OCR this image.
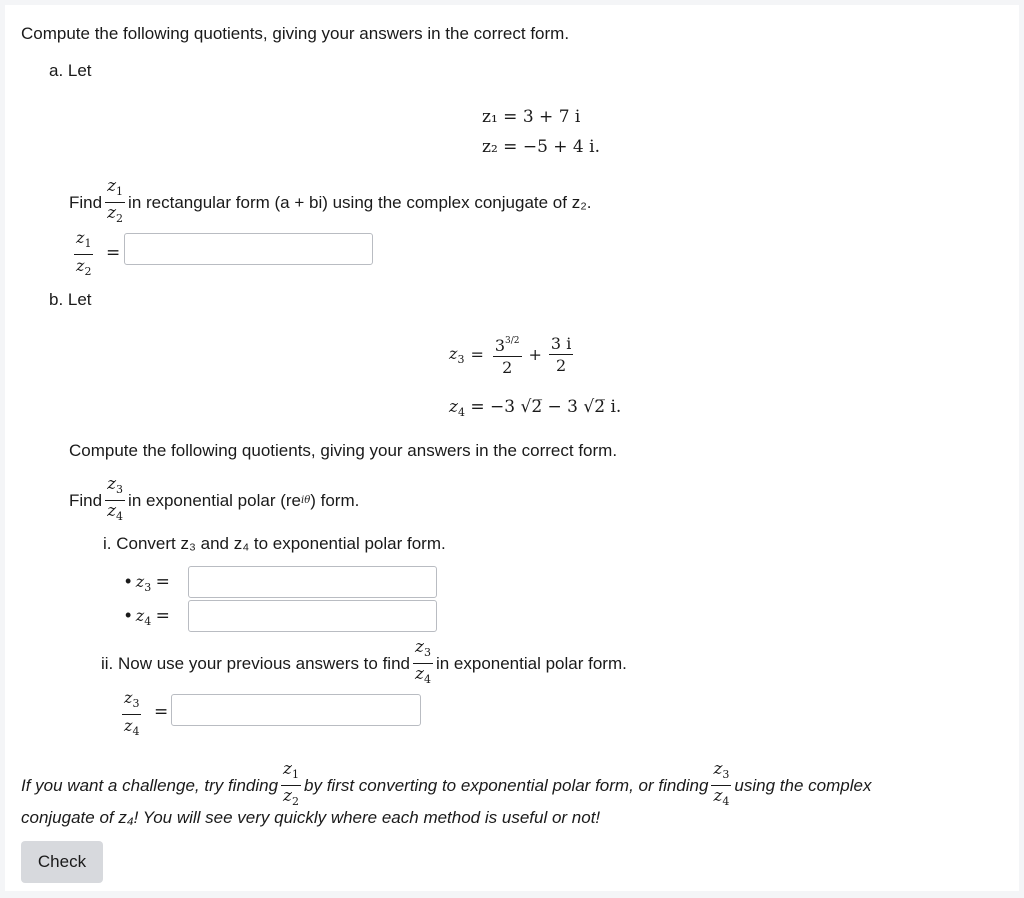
Compute the following quotients, giving your answers in the correct form.
a. Let
z₁ = 3 + 7 i
z₂ = −5 + 4 i.
Find $\frac{z_1}{z_2}$ in rectangular form (a + bi) using the complex conjugate of z₂.
$\frac{z_1}{z_2}$ =
b. Let
$z_3 = \frac{3^{3/2}}{2} + \frac{3 i}{2}$
$z_4 = -3$ √2̅ − 3 √2̅ i.
Compute the following quotients, giving your answers in the correct form.
Find $\frac{z_3}{z_4}$ in exponential polar (re iθ ) form.
i. Convert z₃ and z₄ to exponential polar form.
• $z_3$ =
• $z_4$ =
ii. Now use your previous answers to find $\frac{z_3}{z_4}$ in exponential polar form.
$\frac{z_3}{z_4}$ =
If you want a challenge, try finding $\frac{z_1}{z_2}$ by first converting to exponential polar form, or finding $\frac{z_3}{z_4}$ using the complex
conjugate of z₄! You will see very quickly where each method is useful or not!
Check
